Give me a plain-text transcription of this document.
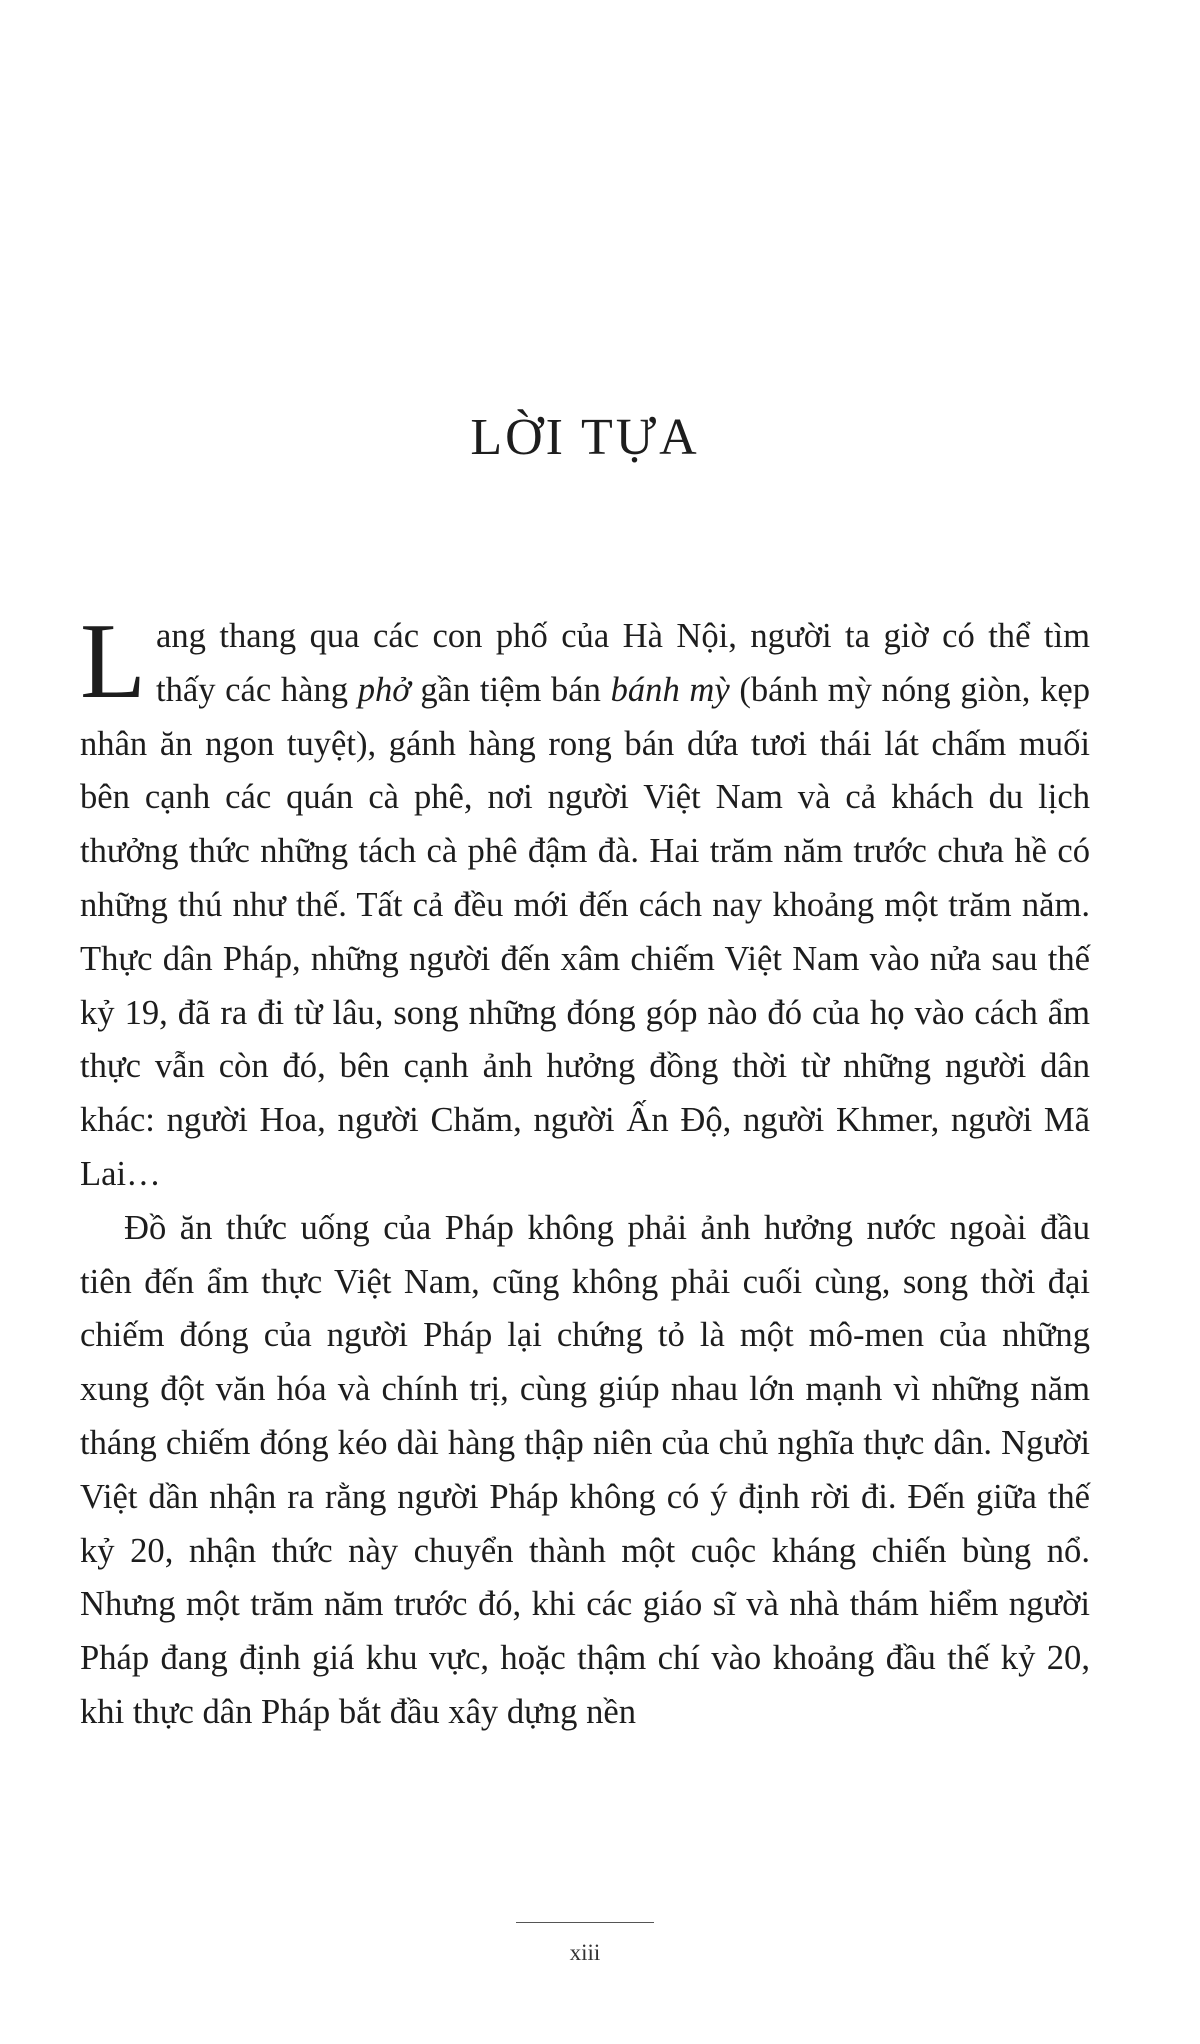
LỜI TỰA

Lang thang qua các con phố của Hà Nội, người ta giờ có thể tìm thấy các hàng phở gần tiệm bán bánh mỳ (bánh mỳ nóng giòn, kẹp nhân ăn ngon tuyệt), gánh hàng rong bán dứa tươi thái lát chấm muối bên cạnh các quán cà phê, nơi người Việt Nam và cả khách du lịch thưởng thức những tách cà phê đậm đà. Hai trăm năm trước chưa hề có những thú như thế. Tất cả đều mới đến cách nay khoảng một trăm năm. Thực dân Pháp, những người đến xâm chiếm Việt Nam vào nửa sau thế kỷ 19, đã ra đi từ lâu, song những đóng góp nào đó của họ vào cách ẩm thực vẫn còn đó, bên cạnh ảnh hưởng đồng thời từ những người dân khác: người Hoa, người Chăm, người Ấn Độ, người Khmer, người Mã Lai…

Đồ ăn thức uống của Pháp không phải ảnh hưởng nước ngoài đầu tiên đến ẩm thực Việt Nam, cũng không phải cuối cùng, song thời đại chiếm đóng của người Pháp lại chứng tỏ là một mô-men của những xung đột văn hóa và chính trị, cùng giúp nhau lớn mạnh vì những năm tháng chiếm đóng kéo dài hàng thập niên của chủ nghĩa thực dân. Người Việt dần nhận ra rằng người Pháp không có ý định rời đi. Đến giữa thế kỷ 20, nhận thức này chuyển thành một cuộc kháng chiến bùng nổ. Nhưng một trăm năm trước đó, khi các giáo sĩ và nhà thám hiểm người Pháp đang định giá khu vực, hoặc thậm chí vào khoảng đầu thế kỷ 20, khi thực dân Pháp bắt đầu xây dựng nền

xiii
